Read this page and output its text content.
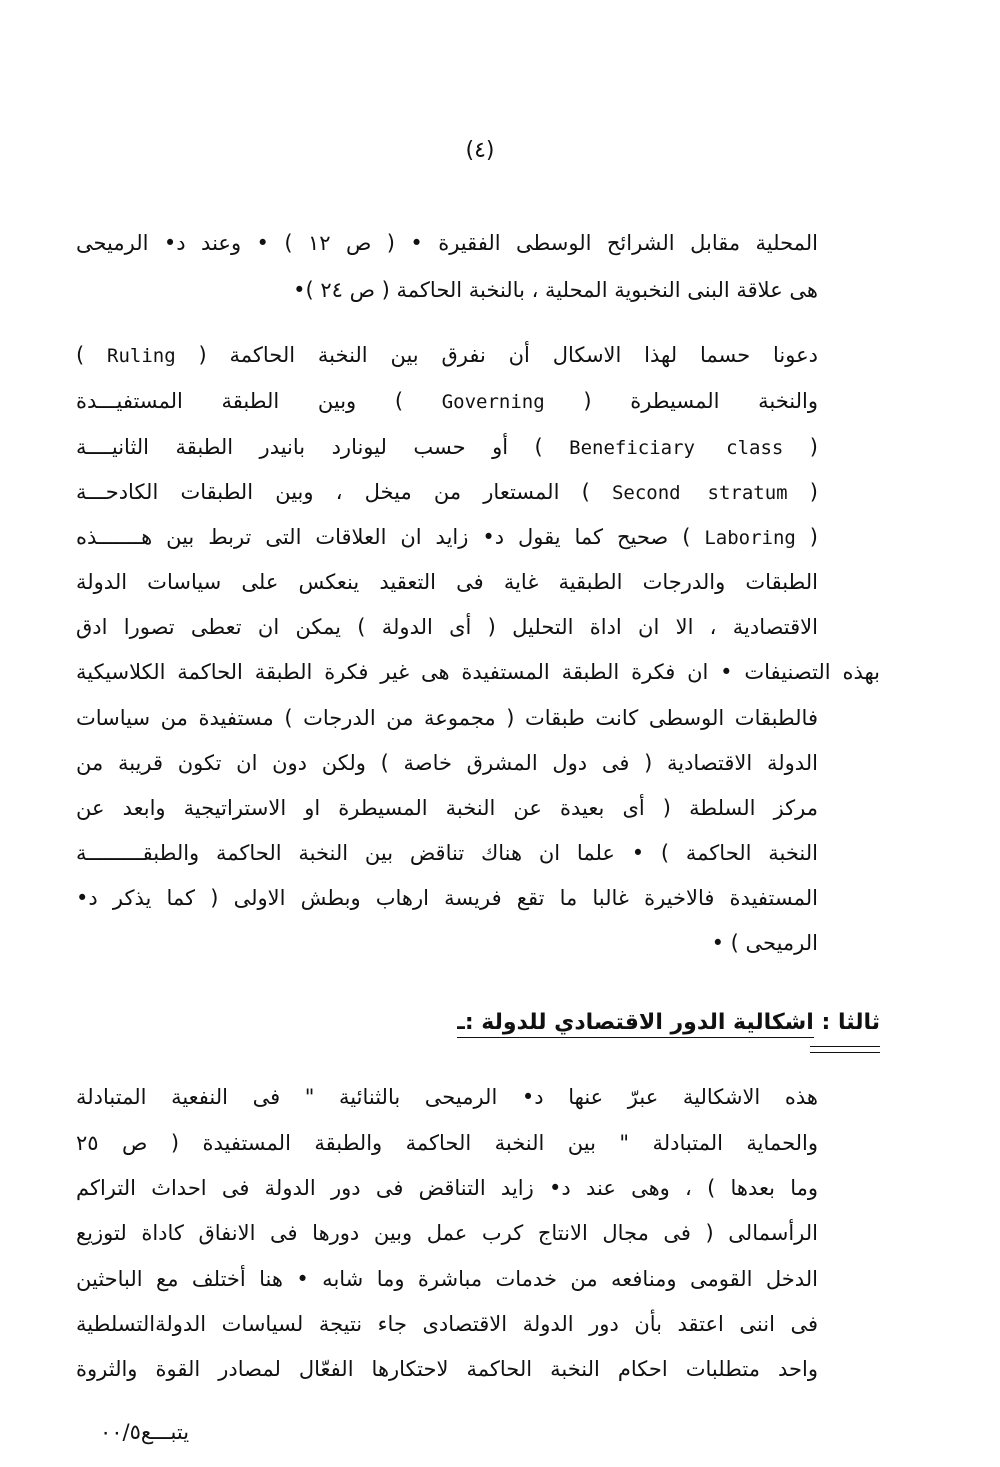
(٤)
المحلية مقابل الشرائح الوسطى الفقيرة • ( ص ١٢ ) • وعند د• الرميحى
هى علاقة البنى النخبوية المحلية ، بالنخبة الحاكمة ( ص ٢٤ )•
دعونا حسما لهذا الاسكال أن نفرق بين النخبة الحاكمة ( Ruling )
والنخبة المسيطرة ( Governing ) وبين الطبقة المستفيـــدة
( Beneficiary class ) أو حسب ليونارد بانيدر الطبقة الثانيــــة
( Second stratum ) المستعار من ميخل ، وبين الطبقات الكادحـــة
( Laboring ) صحيح كما يقول د• زايد ان العلاقات التى تربط بين هـــــــذه
الطبقات والدرجات الطبقية غاية فى التعقيد ينعكس على سياسات الدولة
الاقتصادية ، الا ان اداة التحليل ( أى الدولة ) يمكن ان تعطى تصورا ادق
بهذه التصنيفات • ان فكرة الطبقة المستفيدة هى غير فكرة الطبقة الحاكمة الكلاسيكية
فالطبقات الوسطى كانت طبقات ( مجموعة من الدرجات ) مستفيدة من سياسات
الدولة الاقتصادية ( فى دول المشرق خاصة ) ولكن دون ان تكون قريبة من
مركز السلطة ( أى بعيدة عن النخبة المسيطرة او الاستراتيجية وابعد عن
النخبة الحاكمة ) • علما ان هناك تناقض بين النخبة الحاكمة والطبقـــــــــة
المستفيدة فالاخيرة غالبا ما تقع فريسة ارهاب وبطش الاولى ( كما يذكر د•
الرميحى ) •
ثالثا : اشكالية الدور الاقتصادي للدولة :ـ
هذه الاشكالية عبرّ عنها د• الرميحى بالثنائية " فى النفعية المتبادلة
والحماية المتبادلة " بين النخبة الحاكمة والطبقة المستفيدة ( ص ٢٥
وما بعدها ) ، وهى عند د• زايد التناقض فى دور الدولة فى احداث التراكم
الرأسمالى ( فى مجال الانتاج كرب عمل وبين دورها فى الانفاق كاداة لتوزيع
الدخل القومى ومنافعه من خدمات مباشرة وما شابه • هنا أختلف مع الباحثين
فى اننى اعتقد بأن دور الدولة الاقتصادى جاء نتيجة لسياسات الدولةالتسلطية
واحد متطلبات احكام النخبة الحاكمة لاحتكارها الفعّال لمصادر القوة والثروة
يتبـــع٠٠/٥
